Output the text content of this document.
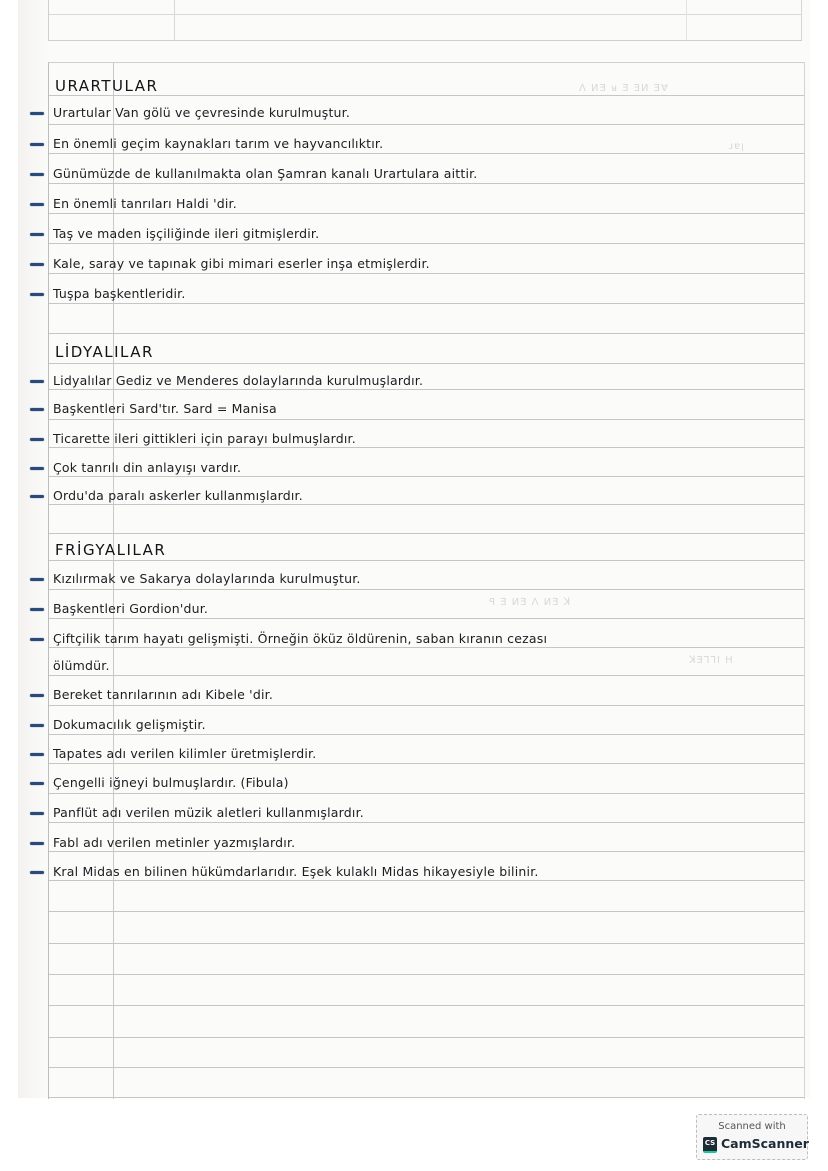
Ʌ ИƎ ᴚ Ǝ ƎИ ƎⱯ
ɹɐꞁ
ꟼ Ǝ ИƎ Ʌ ИƎ ꓘ
ꓘƎꞀꞀI H
URARTULAR
Urartular Van gölü ve çevresinde kurulmuştur.
En önemli geçim kaynakları tarım ve hayvancılıktır.
Günümüzde de kullanılmakta olan Şamran kanalı Urartulara aittir.
En önemli tanrıları Haldi 'dir.
Taş ve maden işçiliğinde ileri gitmişlerdir.
Kale, saray ve tapınak gibi mimari eserler inşa etmişlerdir.
Tuşpa başkentleridir.
LİDYALILAR
Lidyalılar Gediz ve Menderes dolaylarında kurulmuşlardır.
Başkentleri Sard'tır. Sard = Manisa
Ticarette ileri gittikleri için parayı bulmuşlardır.
Çok tanrılı din anlayışı vardır.
Ordu'da paralı askerler kullanmışlardır.
FRİGYALILAR
Kızılırmak ve Sakarya dolaylarında kurulmuştur.
Başkentleri Gordion'dur.
Çiftçilik tarım hayatı gelişmişti. Örneğin öküz öldürenin, saban kıranın cezası
ölümdür.
Bereket tanrılarının adı Kibele 'dir.
Dokumacılık gelişmiştir.
Tapates adı verilen kilimler üretmişlerdir.
Çengelli iğneyi bulmuşlardır. (Fibula)
Panflüt adı verilen müzik aletleri kullanmışlardır.
Fabl adı verilen metinler yazmışlardır.
Kral Midas en bilinen hükümdarlarıdır. Eşek kulaklı Midas hikayesiyle bilinir.
Scanned with
CS CamScanner
